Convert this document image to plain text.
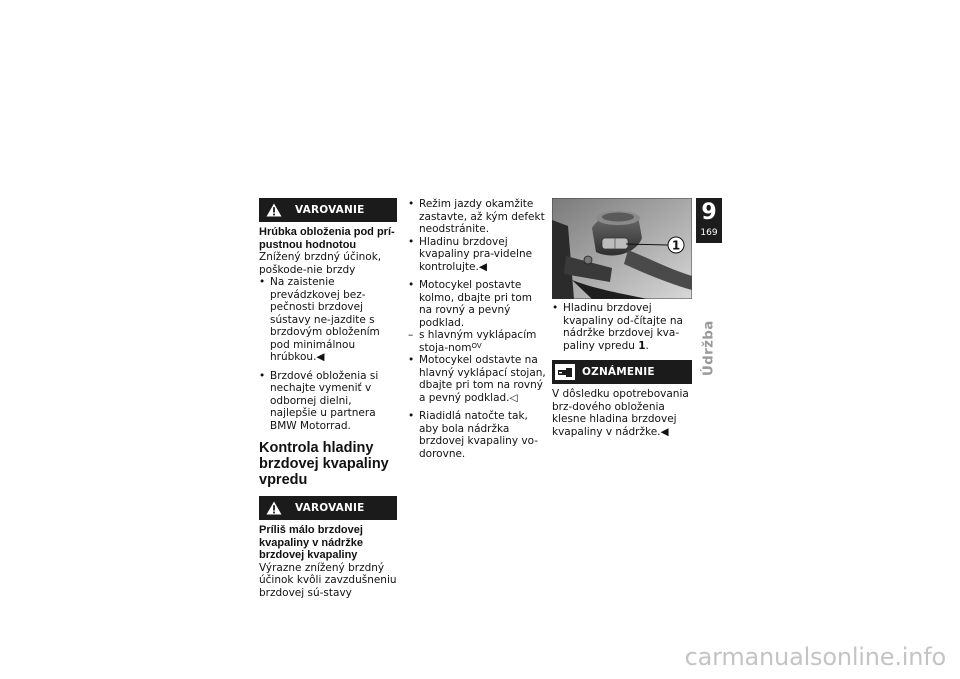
VAROVANIE

Hrúbka obloženia pod prí-pustnou hodnotou

Znížený brzdný účinok, poškode-nie brzdy

• Na zaistenie prevádzkovej bez-pečnosti brzdovej sústavy ne-jazdite s brzdovým obložením pod minimálnou hrúbkou.◀
• Brzdové obloženia si nechajte vymeniť v odbornej dielni, najlepšie u partnera BMW Motorrad.
Kontrola hladiny brzdovej kvapaliny vpredu
VAROVANIE

Príliš málo brzdovej kvapaliny v nádržke brzdovej kvapaliny

Výrazne znížený brzdný účinok kvôli zavzdušneniu brzdovej sú-stavy

• Režim jazdy okamžite zastavte, až kým defekt neodstránite.
• Hladinu brzdovej kvapaliny pra-videlne kontrolujte.◀
• Motocykel postavte kolmo, dbajte pri tom na rovný a pevný podklad.
– s hlavným vyklápacím stoja-nom$^{OV}$
• Motocykel odstavte na hlavný vyklápací stojan, dbajte pri tom na rovný a pevný podklad.◁
• Riadidlá natočte tak, aby bola nádržka brzdovej kvapaliny vo-dorovne.
1
• Hladinu brzdovej kvapaliny od-čítajte na nádržke brzdovej kva-paliny vpredu 1.
OZNÁMENIE

V dôsledku opotrebovania brz-dového obloženia klesne hladina brzdovej kvapaliny v nádržke.◀

9
169
Údržba
carmanualsonline.info
